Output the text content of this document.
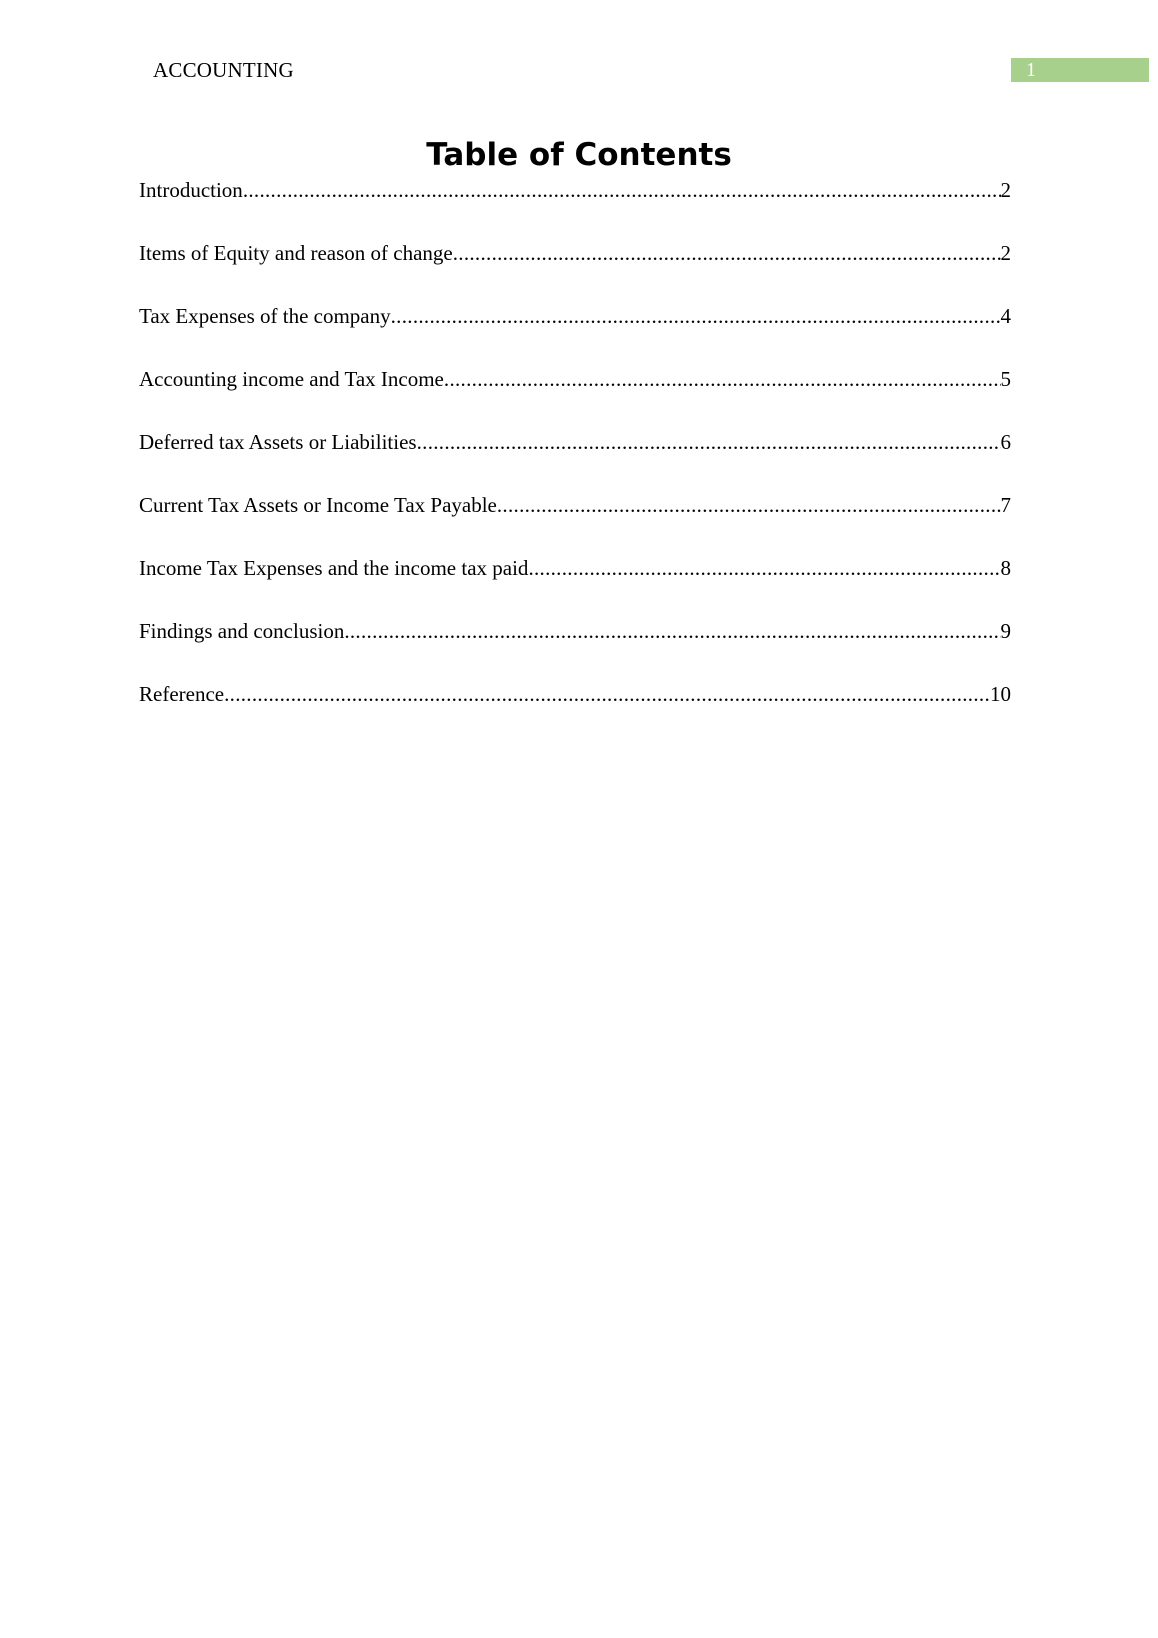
ACCOUNTING	1
Table of Contents
Introduction .....	2
Items of Equity and reason of change .....	2
Tax Expenses of the company .....	4
Accounting income and Tax Income .....	5
Deferred tax Assets or Liabilities .....	6
Current Tax Assets or Income Tax Payable .....	7
Income Tax Expenses and the income tax paid .....	8
Findings and conclusion .....	9
Reference .....	10
